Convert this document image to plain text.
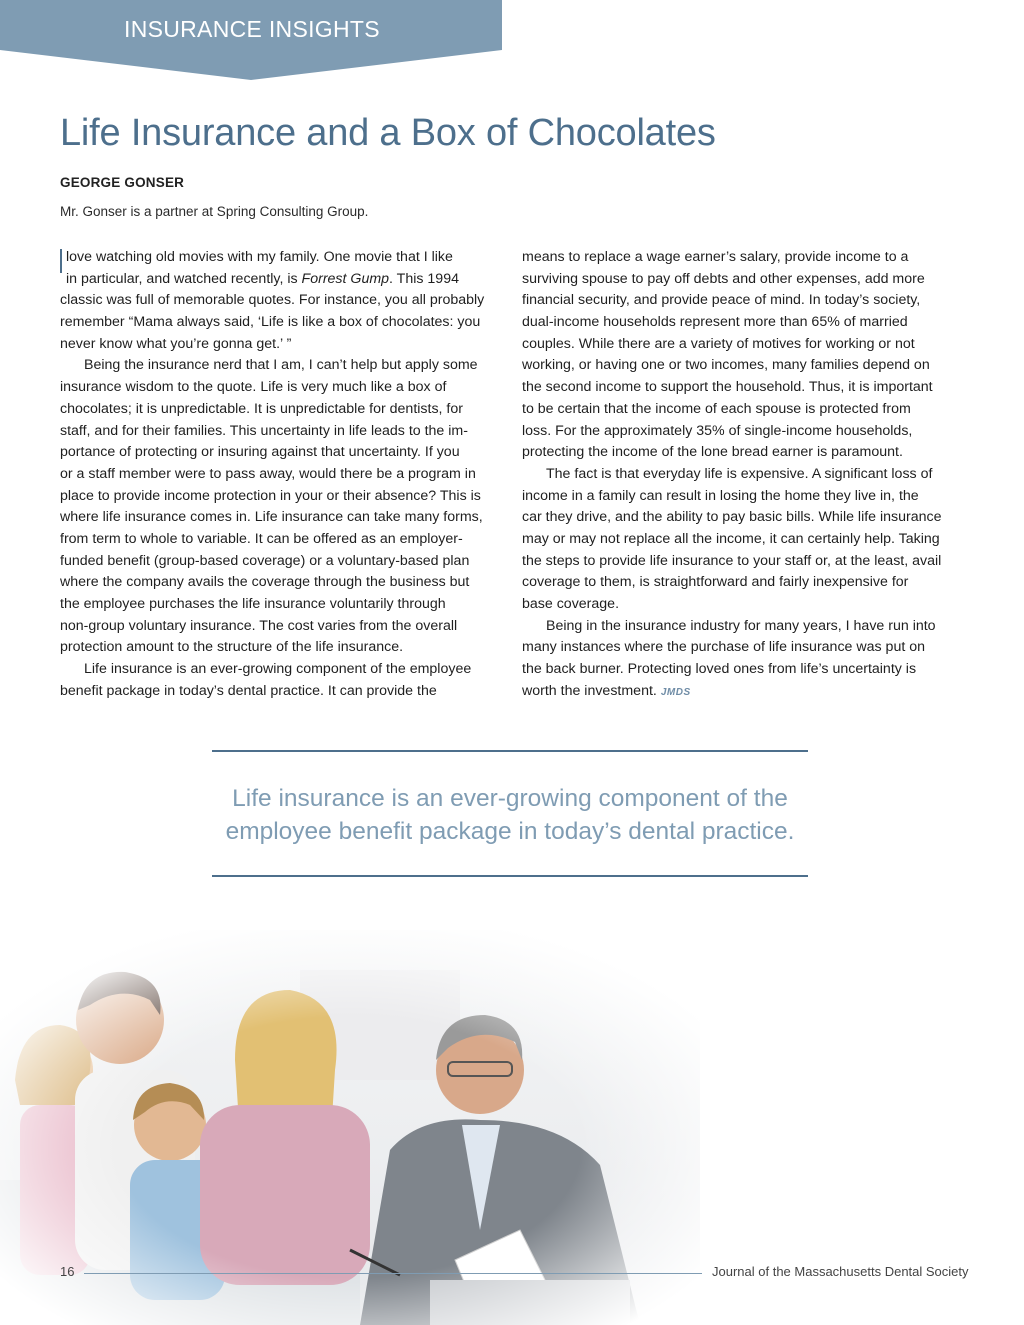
INSURANCE INSIGHTS
Life Insurance and a Box of Chocolates
GEORGE GONSER
Mr. Gonser is a partner at Spring Consulting Group.
love watching old movies with my family. One movie that I like
in particular, and watched recently, is Forrest Gump. This 1994
classic was full of memorable quotes. For instance, you all probably
remember “Mama always said, ‘Life is like a box of chocolates: you
never know what you’re gonna get.’ ”
Being the insurance nerd that I am, I can’t help but apply some
insurance wisdom to the quote. Life is very much like a box of
chocolates; it is unpredictable. It is unpredictable for dentists, for
staff, and for their families. This uncertainty in life leads to the im-
portance of protecting or insuring against that uncertainty. If you
or a staff member were to pass away, would there be a program in
place to provide income protection in your or their absence? This is
where life insurance comes in. Life insurance can take many forms,
from term to whole to variable. It can be offered as an employer-
funded benefit (group-based coverage) or a voluntary-based plan
where the company avails the coverage through the business but
the employee purchases the life insurance voluntarily through
non-group voluntary insurance. The cost varies from the overall
protection amount to the structure of the life insurance.
Life insurance is an ever-growing component of the employee
benefit package in today’s dental practice. It can provide the
means to replace a wage earner’s salary, provide income to a
surviving spouse to pay off debts and other expenses, add more
financial security, and provide peace of mind. In today’s society,
dual-income households represent more than 65% of married
couples. While there are a variety of motives for working or not
working, or having one or two incomes, many families depend on
the second income to support the household. Thus, it is important
to be certain that the income of each spouse is protected from
loss. For the approximately 35% of single-income households,
protecting the income of the lone bread earner is paramount.
The fact is that everyday life is expensive. A significant loss of
income in a family can result in losing the home they live in, the
car they drive, and the ability to pay basic bills. While life insurance
may or may not replace all the income, it can certainly help. Taking
the steps to provide life insurance to your staff or, at the least, avail
coverage to them, is straightforward and fairly inexpensive for
base coverage.
Being in the insurance industry for many years, I have run into
many instances where the purchase of life insurance was put on
the back burner. Protecting loved ones from life’s uncertainty is
worth the investment. JMDS
Life insurance is an ever-growing component of the
employee benefit package in today’s dental practice.
16	Journal of the Massachusetts Dental Society
